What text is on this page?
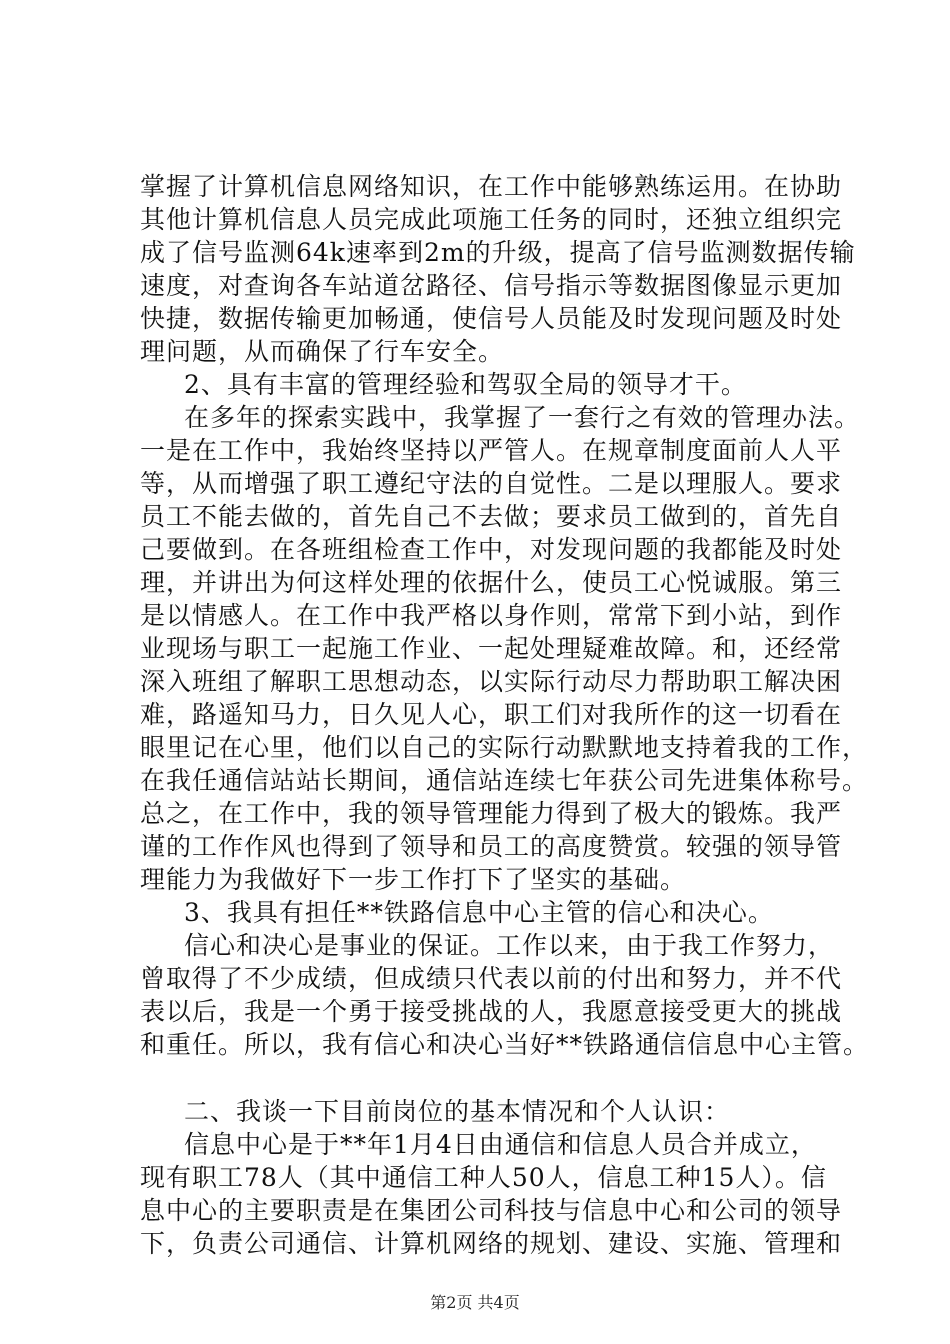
掌握了计算机信息网络知识，在工作中能够熟练运用。在协助
其他计算机信息人员完成此项施工任务的同时，还独立组织完
成了信号监测64k速率到2m的升级，提高了信号监测数据传输
速度，对查询各车站道岔路径、信号指示等数据图像显示更加
快捷，数据传输更加畅通，使信号人员能及时发现问题及时处
理问题，从而确保了行车安全。
2、具有丰富的管理经验和驾驭全局的领导才干。
在多年的探索实践中，我掌握了一套行之有效的管理办法。
一是在工作中，我始终坚持以严管人。在规章制度面前人人平
等，从而增强了职工遵纪守法的自觉性。二是以理服人。要求
员工不能去做的，首先自己不去做；要求员工做到的，首先自
己要做到。在各班组检查工作中，对发现问题的我都能及时处
理，并讲出为何这样处理的依据什么，使员工心悦诚服。第三
是以情感人。在工作中我严格以身作则，常常下到小站，到作
业现场与职工一起施工作业、一起处理疑难故障。和，还经常
深入班组了解职工思想动态，以实际行动尽力帮助职工解决困
难，路遥知马力，日久见人心，职工们对我所作的这一切看在
眼里记在心里，他们以自己的实际行动默默地支持着我的工作，
在我任通信站站长期间，通信站连续七年获公司先进集体称号。
总之，在工作中，我的领导管理能力得到了极大的锻炼。我严
谨的工作作风也得到了领导和员工的高度赞赏。较强的领导管
理能力为我做好下一步工作打下了坚实的基础。
3、我具有担任**铁路信息中心主管的信心和决心。
信心和决心是事业的保证。工作以来，由于我工作努力，
曾取得了不少成绩，但成绩只代表以前的付出和努力，并不代
表以后，我是一个勇于接受挑战的人，我愿意接受更大的挑战
和重任。所以，我有信心和决心当好**铁路通信信息中心主管。
二、我谈一下目前岗位的基本情况和个人认识：
信息中心是于**年1月4日由通信和信息人员合并成立，
现有职工78人（其中通信工种人50人，信息工种15人）。信
息中心的主要职责是在集团公司科技与信息中心和公司的领导
下，负责公司通信、计算机网络的规划、建设、实施、管理和
第2页 共4页
